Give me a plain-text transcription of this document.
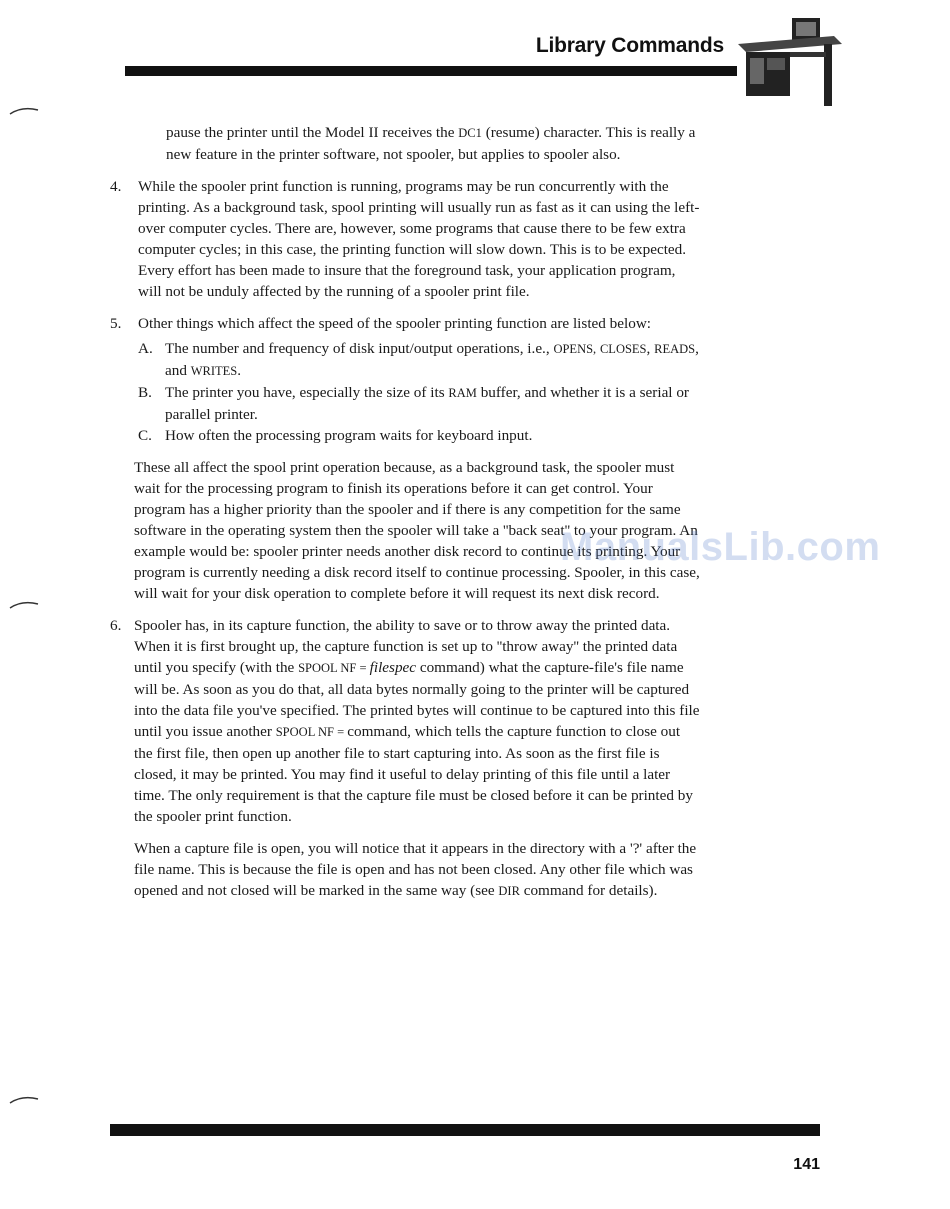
Library Commands

pause the printer until the Model II receives the DC1 (resume) character. This is really a new feature in the printer software, not spooler, but applies to spooler also.

4. While the spooler print function is running, programs may be run concurrently with the printing. As a background task, spool printing will usually run as fast as it can using the left-over computer cycles. There are, however, some programs that cause there to be few extra computer cycles; in this case, the printing function will slow down. This is to be expected. Every effort has been made to insure that the foreground task, your application program, will not be unduly affected by the running of a spooler print file.
5. Other things which affect the speed of the spooler printing function are listed below:
A. The number and frequency of disk input/output operations, i.e., OPENS, CLOSES, READS, and WRITES.
B. The printer you have, especially the size of its RAM buffer, and whether it is a serial or parallel printer.
C. How often the processing program waits for keyboard input.

These all affect the spool print operation because, as a background task, the spooler must wait for the processing program to finish its operations before it can get control. Your program has a higher priority than the spooler and if there is any competition for the same software in the operating system then the spooler will take a ''back seat'' to your program. An example would be: spooler printer needs another disk record to continue its printing. Your program is currently needing a disk record itself to continue processing. Spooler, in this case, will wait for your disk operation to complete before it will request its next disk record.

6. Spooler has, in its capture function, the ability to save or to throw away the printed data. When it is first brought up, the capture function is set up to ''throw away'' the printed data until you specify (with the SPOOL NF = filespec command) what the capture-file's file name will be. As soon as you do that, all data bytes normally going to the printer will be captured into the data file you've specified. The printed bytes will continue to be captured into this file until you issue another SPOOL NF = command, which tells the capture function to close out the first file, then open up another file to start capturing into. As soon as the first file is closed, it may be printed. You may find it useful to delay printing of this file until a later time. The only requirement is that the capture file must be closed before it can be printed by the spooler print function.

When a capture file is open, you will notice that it appears in the directory with a '?' after the file name. This is because the file is open and has not been closed. Any other file which was opened and not closed will be marked in the same way (see DIR command for details).

ManualsLib.com
141
